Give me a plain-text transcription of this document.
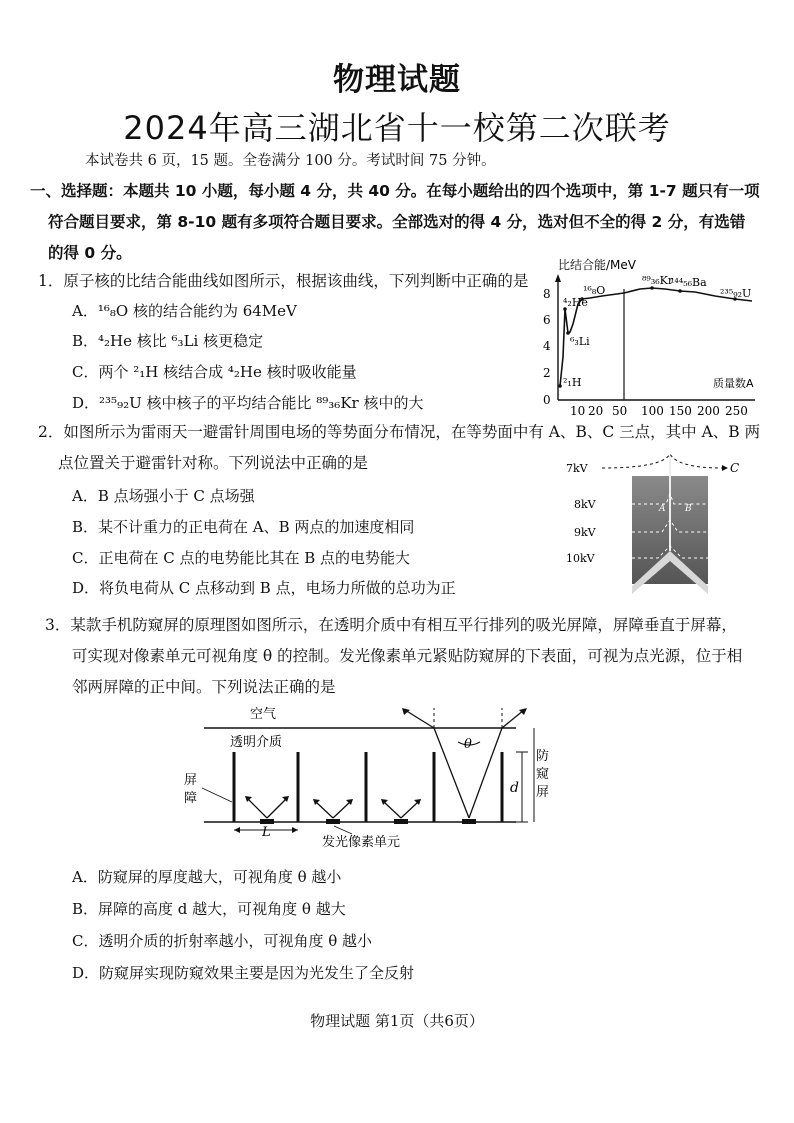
物理试题
2024年高三湖北省十一校第二次联考
本试卷共 6 页，15 题。全卷满分 100 分。考试时间 75 分钟。
一、选择题：本题共 10 小题，每小题 4 分，共 40 分。在每小题给出的四个选项中，第 1-7 题只有一项
符合题目要求，第 8-10 题有多项符合题目要求。全部选对的得 4 分，选对但不全的得 2 分，有选错
的得 0 分。
1．原子核的比结合能曲线如图所示，根据该曲线，下列判断中正确的是
A．¹⁶₈O 核的结合能约为 64MeV
B．⁴₂He 核比 ⁶₃Li 核更稳定
C．两个 ²₁H 核结合成 ⁴₂He 核时吸收能量
D．²³⁵₉₂U 核中核子的平均结合能比 ⁸⁹₃₆Kr 核中的大
比结合能/MeV
0
2
4
6
8
10 20 50 100 150 200 250
质量数A
⁴₂He
¹⁶₈O
⁸⁹₃₆Kr
¹⁴⁴₅₆Ba
²³⁵₉₂U
⁶₃Li
²₁H
2．如图所示为雷雨天一避雷针周围电场的等势面分布情况，在等势面中有 A、B、C 三点，其中 A、B 两
点位置关于避雷针对称。下列说法中正确的是
A．B 点场强小于 C 点场强
B．某不计重力的正电荷在 A、B 两点的加速度相同
C．正电荷在 C 点的电势能比其在 B 点的电势能大
D．将负电荷从 C 点移动到 B 点，电场力所做的总功为正
7kV
8kV
9kV
10kV
C
A B
3．某款手机防窥屏的原理图如图所示，在透明介质中有相互平行排列的吸光屏障，屏障垂直于屏幕，
可实现对像素单元可视角度 θ 的控制。发光像素单元紧贴防窥屏的下表面，可视为点光源，位于相
邻两屏障的正中间。下列说法正确的是
空气
透明介质
屏
障
θ
d
防
窥
屏
L
发光像素单元
A．防窥屏的厚度越大，可视角度 θ 越小
B．屏障的高度 d 越大，可视角度 θ 越大
C．透明介质的折射率越小，可视角度 θ 越小
D．防窥屏实现防窥效果主要是因为光发生了全反射
物理试题 第1页（共6页）
